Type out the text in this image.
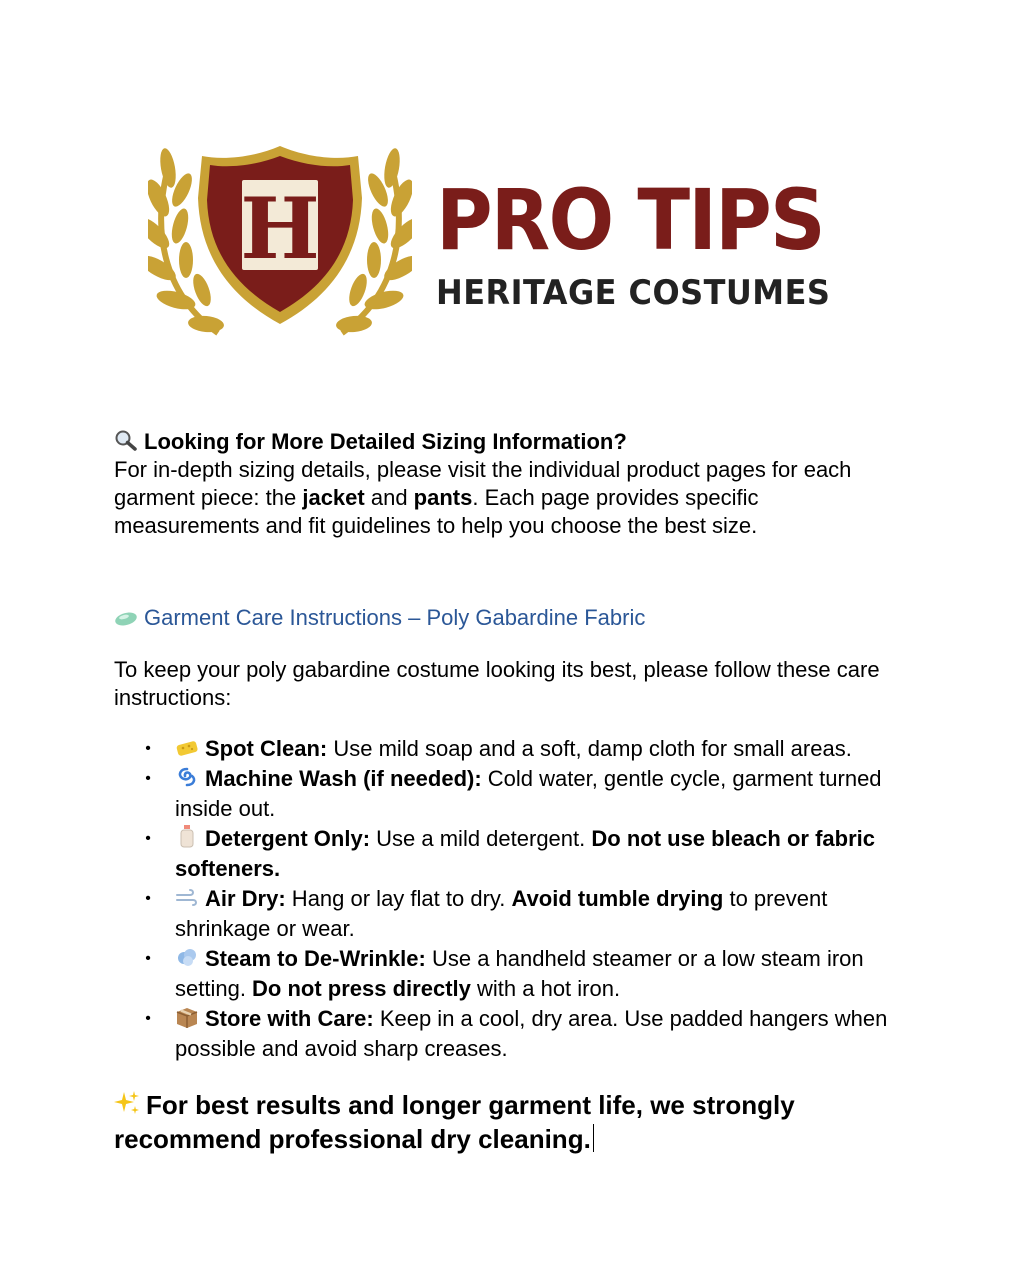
H PRO TIPS
HERITAGE COSTUMES

Looking for More Detailed Sizing Information?
For in-depth sizing details, please visit the individual product pages for each garment piece: the jacket and pants. Each page provides specific measurements and fit guidelines to help you choose the best size.

Garment Care Instructions – Poly Gabardine Fabric

To keep your poly gabardine costume looking its best, please follow these care instructions:

• Spot Clean: Use mild soap and a soft, damp cloth for small areas.
• Machine Wash (if needed): Cold water, gentle cycle, garment turned inside out.
• Detergent Only: Use a mild detergent. Do not use bleach or fabric softeners.
• Air Dry: Hang or lay flat to dry. Avoid tumble drying to prevent shrinkage or wear.
• Steam to De-Wrinkle: Use a handheld steamer or a low steam iron setting. Do not press directly with a hot iron.
• Store with Care: Keep in a cool, dry area. Use padded hangers when possible and avoid sharp creases.

For best results and longer garment life, we strongly recommend professional dry cleaning.
